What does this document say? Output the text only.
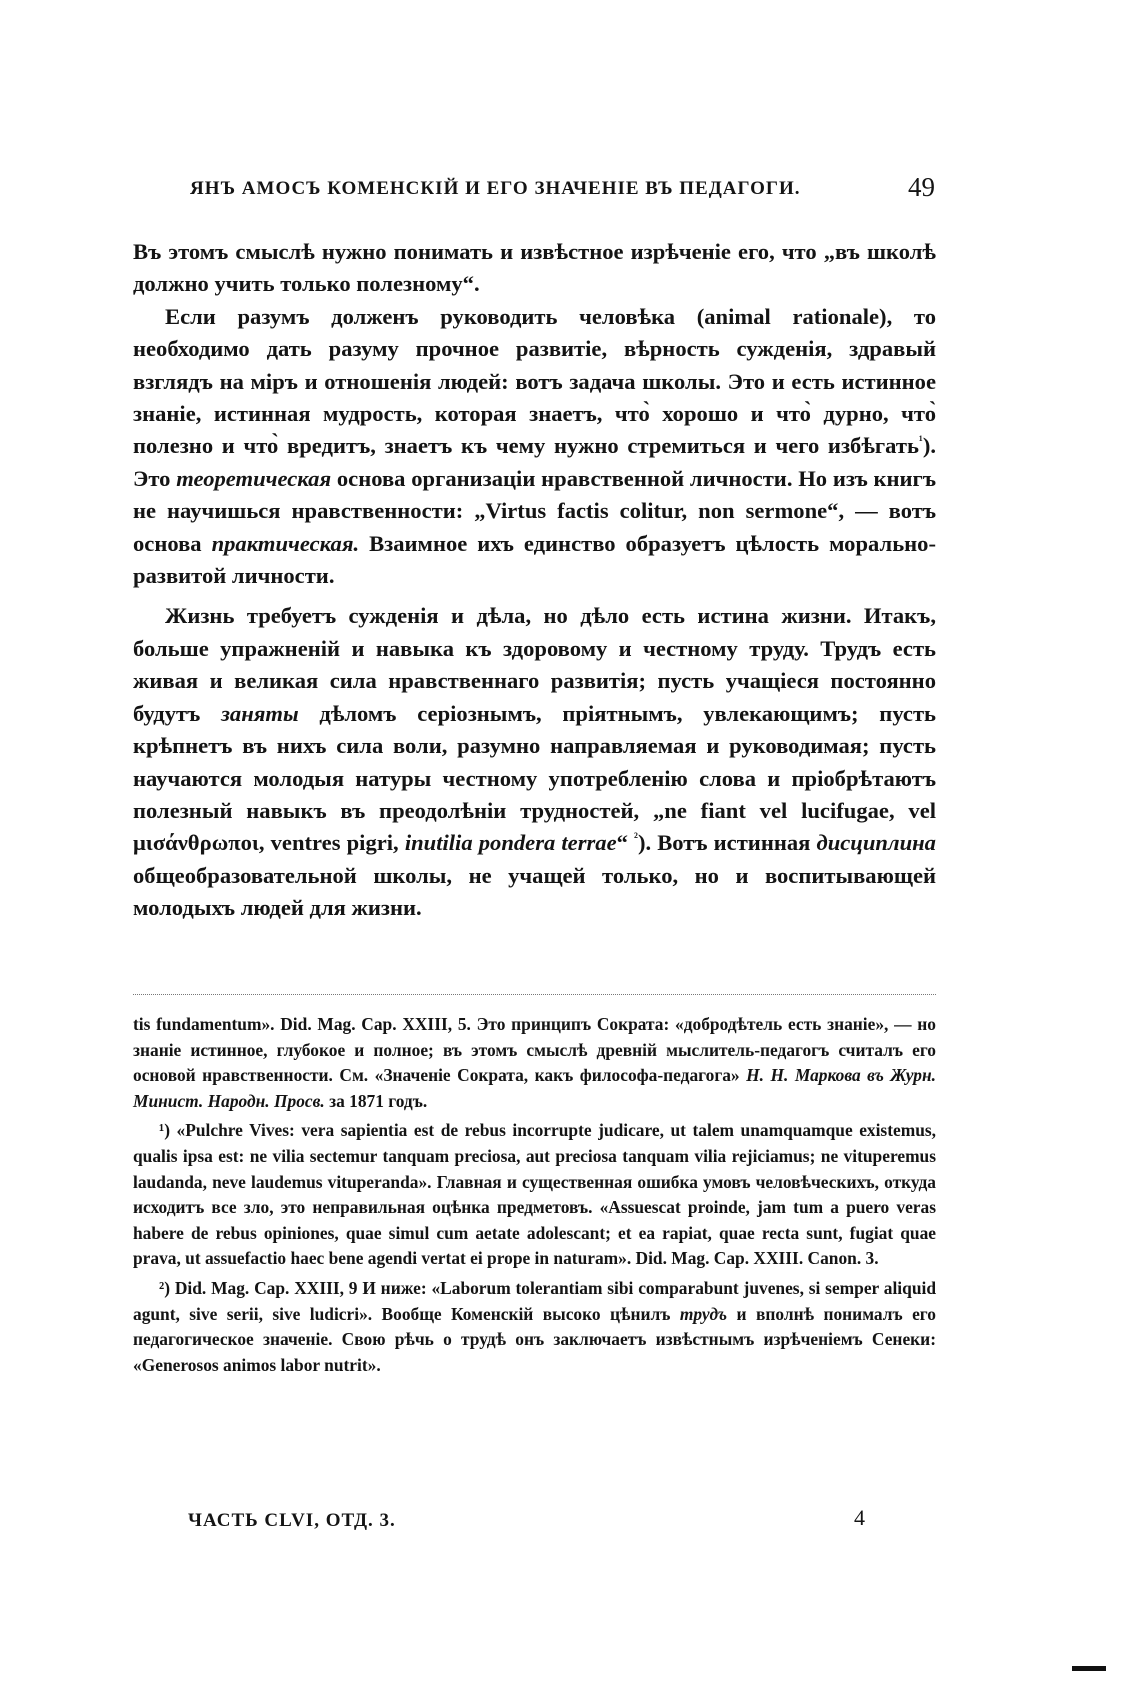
ЯНЪ АМОСЪ КОМЕНСКІЙ И ЕГО ЗНАЧЕНІЕ ВЪ ПЕДАГОГИ.	49

Въ этомъ смыслѣ нужно понимать и извѣстное изрѣченіе его, что „въ школѣ должно учить только полезному“.

Если разумъ долженъ руководить человѣка (animal rationale), то необходимо дать разуму прочное развитіе, вѣрность сужденія, здравый взглядъ на міръ и отношенія людей: вотъ задача школы. Это и есть истинное знаніе, истинная мудрость, которая знаетъ, что̀ хорошо и что̀ дурно, что̀ полезно и что̀ вредитъ, знаетъ къ чему нужно стремиться и чего избѣгать$^{^1}$). Это теоретическая основа организаціи нравственной личности. Но изъ книгъ не научишься нравственности: „Virtus factis colitur, non sermone“, — вотъ основа практическая. Взаимное ихъ единство образуетъ цѣлость морально-развитой личности.

Жизнь требуетъ сужденія и дѣла, но дѣло есть истина жизни. Итакъ, больше упражненій и навыка къ здоровому и честному труду. Трудъ есть живая и великая сила нравственнаго развитія; пусть учащіеся постоянно будутъ заняты дѣломъ серіознымъ, пріятнымъ, увлекающимъ; пусть крѣпнетъ въ нихъ сила воли, разумно направляемая и руководимая; пусть научаются молодыя натуры честному употребленію слова и пріобрѣтаютъ полезный навыкъ въ преодолѣніи трудностей, „ne fiant vel lucifugae, vel μισάνθρωποι, ventres pigri, inutilia pondera terrae“ $^{^2}$). Вотъ истинная дисциплина общеобразовательной школы, не учащей только, но и воспитывающей молодыхъ людей для жизни.

tis fundamentum». Did. Mag. Cap. XXIII, 5. Это принципъ Сократа: «добродѣтель есть знаніе», — но знаніе истинное, глубокое и полное; въ этомъ смыслѣ древній мыслитель-педагогъ считалъ его основой нравственности. См. «Значеніе Сократа, какъ философа-педагога» Н. Н. Маркова въ Журн. Минист. Народн. Просв. за 1871 годъ.

¹) «Pulchre Vives: vera sapientia est de rebus incorrupte judicare, ut talem unamquamque existemus, qualis ipsa est: ne vilia sectemur tanquam preciosa, aut preciosa tanquam vilia rejiciamus; ne vituperemus laudanda, neve laudemus vituperanda». Главная и существенная ошибка умовъ человѣческихъ, откуда исходитъ все зло, это неправильная оцѣнка предметовъ. «Assuescat proinde, jam tum a puero veras habere de rebus opiniones, quae simul cum aetate adolescant; et ea rapiat, quae recta sunt, fugiat quae prava, ut assuefactio haec bene agendi vertat ei prope in naturam». Did. Mag. Cap. XXIII. Canon. 3.

²) Did. Mag. Cap. XXIII, 9 И ниже: «Laborum tolerantiam sibi comparabunt juvenes, si semper aliquid agunt, sive serii, sive ludicri». Вообще Коменскій высоко цѣнилъ трудъ и вполнѣ понималъ его педагогическое значеніе. Свою рѣчь о трудѣ онъ заключаетъ извѣстнымъ изрѣченіемъ Сенеки: «Generosos animos labor nutrit».

ЧАСТЬ CLVI, ОТД. 3.	4
